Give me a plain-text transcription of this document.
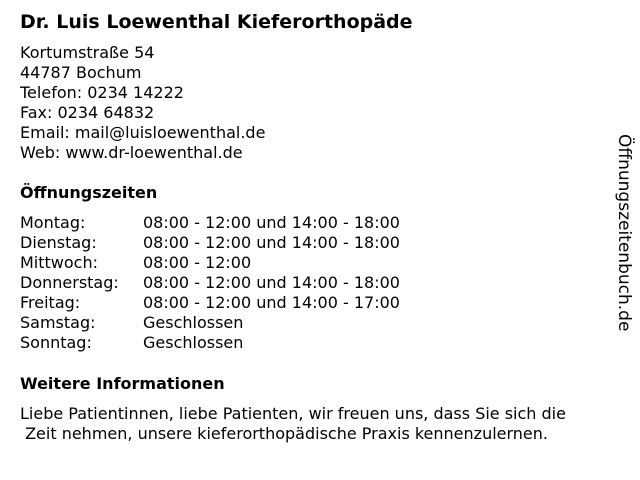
Dr. Luis Loewenthal Kieferorthopäde
Kortumstraße 54
44787 Bochum
Telefon: 0234 14222
Fax: 0234 64832
Email: mail@luisloewenthal.de
Web: www.dr-loewenthal.de
Öffnungszeiten
Montag:	08:00 - 12:00 und 14:00 - 18:00
Dienstag:	08:00 - 12:00 und 14:00 - 18:00
Mittwoch:	08:00 - 12:00
Donnerstag:	08:00 - 12:00 und 14:00 - 18:00
Freitag:	08:00 - 12:00 und 14:00 - 17:00
Samstag:	Geschlossen
Sonntag:	Geschlossen
Weitere Informationen
Liebe Patientinnen, liebe Patienten, wir freuen uns, dass Sie sich die
Zeit nehmen, unsere kieferorthopädische Praxis kennenzulernen.
Öffnungszeitenbuch.de
